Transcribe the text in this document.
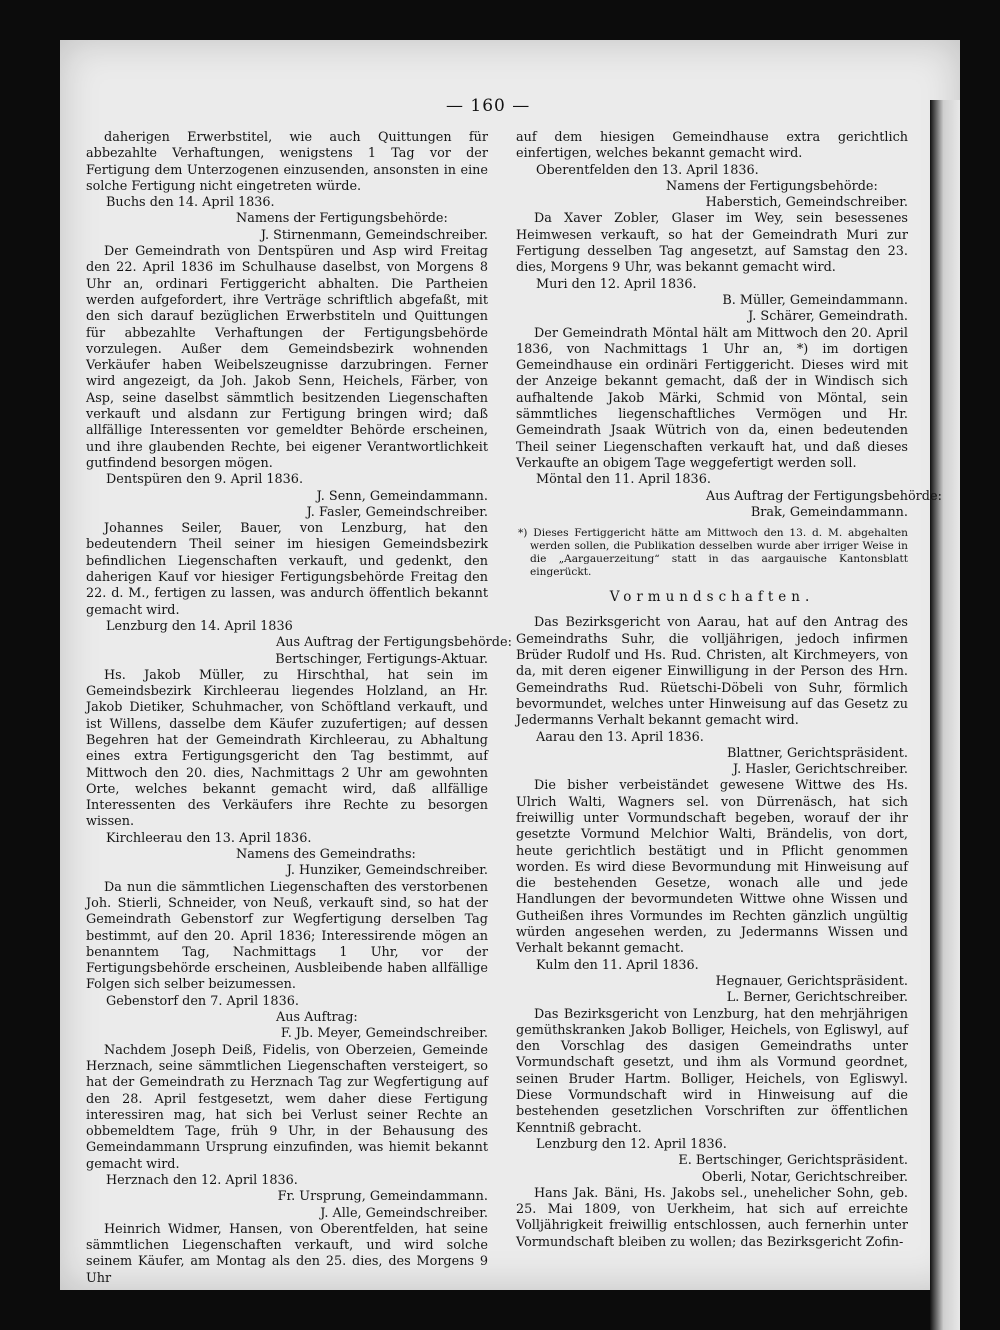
— 160 —
daherigen Erwerbstitel, wie auch Quittungen für abbezahlte Verhaftungen, wenigstens 1 Tag vor der Fertigung dem Unterzogenen einzusenden, ansonsten in eine solche Fertigung nicht eingetreten würde.
Buchs den 14. April 1836.
Namens der Fertigungsbehörde:
J. Stirnenmann, Gemeindschreiber.
Der Gemeindrath von Dentspüren und Asp wird Freitag den 22. April 1836 im Schulhause daselbst, von Morgens 8 Uhr an, ordinari Fertiggericht abhalten. Die Partheien werden aufgefordert, ihre Verträge schriftlich abgefaßt, mit den sich darauf bezüglichen Erwerbstiteln und Quittungen für abbezahlte Verhaftungen der Fertigungsbehörde vorzulegen. Außer dem Gemeindsbezirk wohnenden Verkäufer haben Weibelszeugnisse darzubringen. Ferner wird angezeigt, da Joh. Jakob Senn, Heichels, Färber, von Asp, seine daselbst sämmtlich besitzenden Liegenschaften verkauft und alsdann zur Fertigung bringen wird; daß allfällige Interessenten vor gemeldter Behörde erscheinen, und ihre glaubenden Rechte, bei eigener Verantwortlichkeit gutfindend besorgen mögen.
Dentspüren den 9. April 1836.
J. Senn, Gemeindammann.
J. Fasler, Gemeindschreiber.
Johannes Seiler, Bauer, von Lenzburg, hat den bedeutendern Theil seiner im hiesigen Gemeindsbezirk befindlichen Liegenschaften verkauft, und gedenkt, den daherigen Kauf vor hiesiger Fertigungsbehörde Freitag den 22. d. M., fertigen zu lassen, was andurch öffentlich bekannt gemacht wird.
Lenzburg den 14. April 1836
Aus Auftrag der Fertigungsbehörde:
Bertschinger, Fertigungs-Aktuar.
Hs. Jakob Müller, zu Hirschthal, hat sein im Gemeindsbezirk Kirchleerau liegendes Holzland, an Hr. Jakob Dietiker, Schuhmacher, von Schöftland verkauft, und ist Willens, dasselbe dem Käufer zuzufertigen; auf dessen Begehren hat der Gemeindrath Kirchleerau, zu Abhaltung eines extra Fertigungsgericht den Tag bestimmt, auf Mittwoch den 20. dies, Nachmittags 2 Uhr am gewohnten Orte, welches bekannt gemacht wird, daß allfällige Interessenten des Verkäufers ihre Rechte zu besorgen wissen.
Kirchleerau den 13. April 1836.
Namens des Gemeindraths:
J. Hunziker, Gemeindschreiber.
Da nun die sämmtlichen Liegenschaften des verstorbenen Joh. Stierli, Schneider, von Neuß, verkauft sind, so hat der Gemeindrath Gebenstorf zur Wegfertigung derselben Tag bestimmt, auf den 20. April 1836; Interessirende mögen an benanntem Tag, Nachmittags 1 Uhr, vor der Fertigungsbehörde erscheinen, Ausbleibende haben allfällige Folgen sich selber beizumessen.
Gebenstorf den 7. April 1836.
Aus Auftrag:
F. Jb. Meyer, Gemeindschreiber.
Nachdem Joseph Deiß, Fidelis, von Oberzeien, Gemeinde Herznach, seine sämmtlichen Liegenschaften versteigert, so hat der Gemeindrath zu Herznach Tag zur Wegfertigung auf den 28. April festgesetzt, wem daher diese Fertigung interessiren mag, hat sich bei Verlust seiner Rechte an obbemeldtem Tage, früh 9 Uhr, in der Behausung des Gemeindammann Ursprung einzufinden, was hiemit bekannt gemacht wird.
Herznach den 12. April 1836.
Fr. Ursprung, Gemeindammann.
J. Alle, Gemeindschreiber.
Heinrich Widmer, Hansen, von Oberentfelden, hat seine sämmtlichen Liegenschaften verkauft, und wird solche seinem Käufer, am Montag als den 25. dies, des Morgens 9 Uhr
auf dem hiesigen Gemeindhause extra gerichtlich einfertigen, welches bekannt gemacht wird.
Oberentfelden den 13. April 1836.
Namens der Fertigungsbehörde:
Haberstich, Gemeindschreiber.
Da Xaver Zobler, Glaser im Wey, sein besessenes Heimwesen verkauft, so hat der Gemeindrath Muri zur Fertigung desselben Tag angesetzt, auf Samstag den 23. dies, Morgens 9 Uhr, was bekannt gemacht wird.
Muri den 12. April 1836.
B. Müller, Gemeindammann.
J. Schärer, Gemeindrath.
Der Gemeindrath Möntal hält am Mittwoch den 20. April 1836, von Nachmittags 1 Uhr an, *) im dortigen Gemeindhause ein ordinäri Fertiggericht. Dieses wird mit der Anzeige bekannt gemacht, daß der in Windisch sich aufhaltende Jakob Märki, Schmid von Möntal, sein sämmtliches liegenschaftliches Vermögen und Hr. Gemeindrath Jsaak Wütrich von da, einen bedeutenden Theil seiner Liegenschaften verkauft hat, und daß dieses Verkaufte an obigem Tage weggefertigt werden soll.
Möntal den 11. April 1836.
Aus Auftrag der Fertigungsbehörde:
Brak, Gemeindammann.
*) Dieses Fertiggericht hätte am Mittwoch den 13. d. M. abgehalten werden sollen, die Publikation desselben wurde aber irriger Weise in die „Aargauerzeitung“ statt in das aargauische Kantonsblatt eingerückt.
Vormundschaften.
Das Bezirksgericht von Aarau, hat auf den Antrag des Gemeindraths Suhr, die volljährigen, jedoch infirmen Brüder Rudolf und Hs. Rud. Christen, alt Kirchmeyers, von da, mit deren eigener Einwilligung in der Person des Hrn. Gemeindraths Rud. Rüetschi-Döbeli von Suhr, förmlich bevormundet, welches unter Hinweisung auf das Gesetz zu Jedermanns Verhalt bekannt gemacht wird.
Aarau den 13. April 1836.
Blattner, Gerichtspräsident.
J. Hasler, Gerichtschreiber.
Die bisher verbeiständet gewesene Wittwe des Hs. Ulrich Walti, Wagners sel. von Dürrenäsch, hat sich freiwillig unter Vormundschaft begeben, worauf der ihr gesetzte Vormund Melchior Walti, Brändelis, von dort, heute gerichtlich bestätigt und in Pflicht genommen worden. Es wird diese Bevormundung mit Hinweisung auf die bestehenden Gesetze, wonach alle und jede Handlungen der bevormundeten Wittwe ohne Wissen und Gutheißen ihres Vormundes im Rechten gänzlich ungültig würden angesehen werden, zu Jedermanns Wissen und Verhalt bekannt gemacht.
Kulm den 11. April 1836.
Hegnauer, Gerichtspräsident.
L. Berner, Gerichtschreiber.
Das Bezirksgericht von Lenzburg, hat den mehrjährigen gemüthskranken Jakob Bolliger, Heichels, von Egliswyl, auf den Vorschlag des dasigen Gemeindraths unter Vormundschaft gesetzt, und ihm als Vormund geordnet, seinen Bruder Hartm. Bolliger, Heichels, von Egliswyl. Diese Vormundschaft wird in Hinweisung auf die bestehenden gesetzlichen Vorschriften zur öffentlichen Kenntniß gebracht.
Lenzburg den 12. April 1836.
E. Bertschinger, Gerichtspräsident.
Oberli, Notar, Gerichtschreiber.
Hans Jak. Bäni, Hs. Jakobs sel., unehelicher Sohn, geb. 25. Mai 1809, von Uerkheim, hat sich auf erreichte Volljährigkeit freiwillig entschlossen, auch fernerhin unter Vormundschaft bleiben zu wollen; das Bezirksgericht Zofin-
